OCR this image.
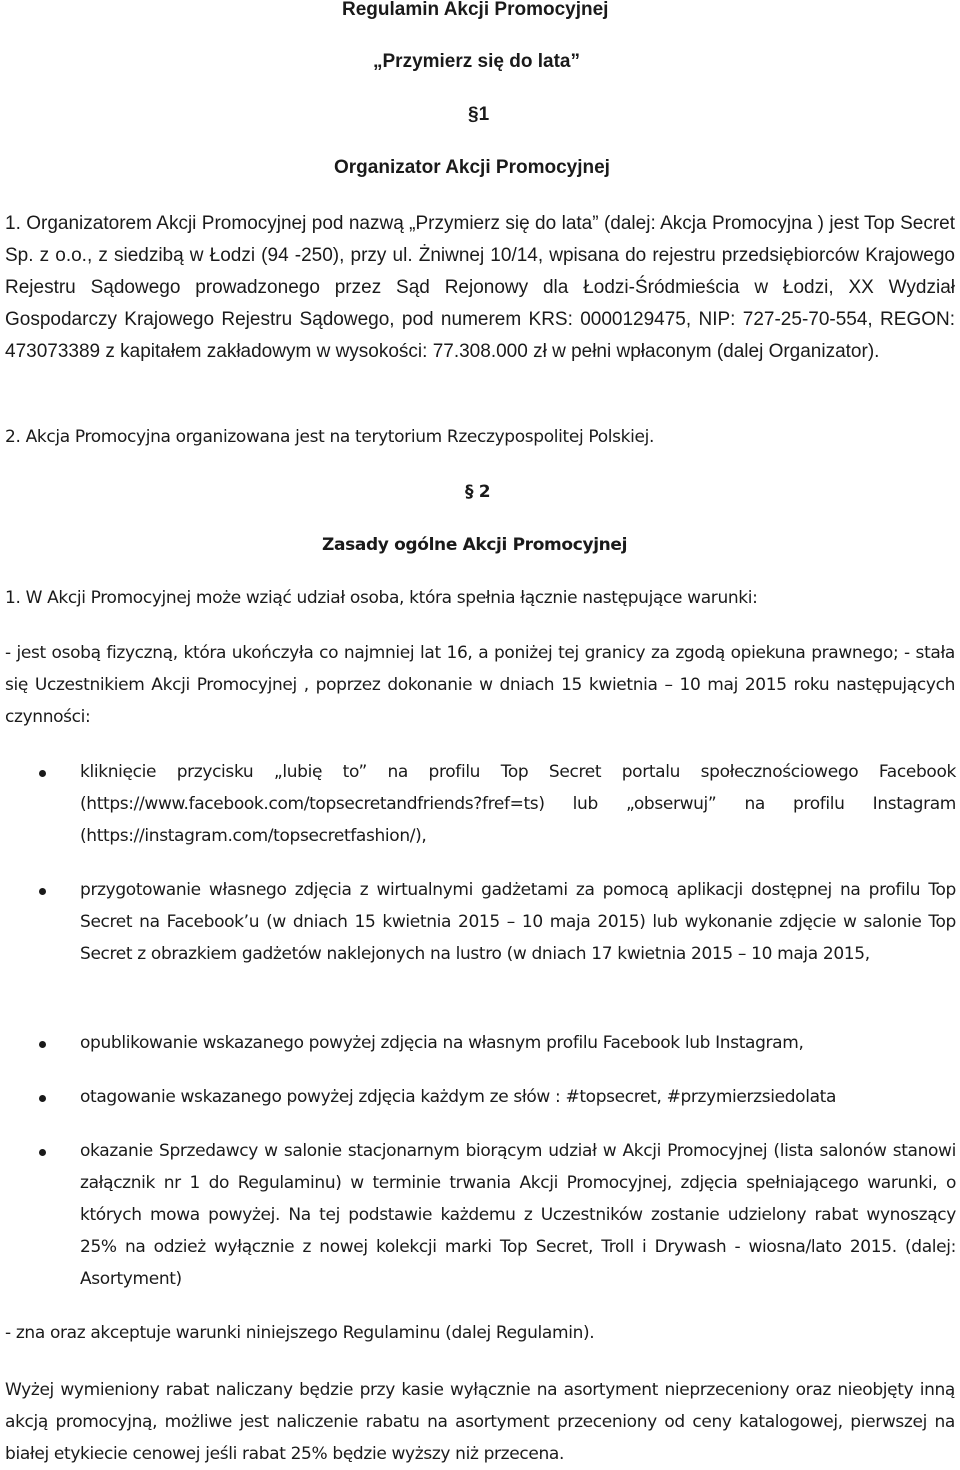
Regulamin Akcji Promocyjnej
„Przymierz się do lata”
§1
Organizator Akcji Promocyjnej
1. Organizatorem Akcji Promocyjnej pod nazwą „Przymierz się do lata” (dalej: Akcja Promocyjna ) jest Top Secret Sp. z o.o., z siedzibą w Łodzi (94 -250), przy ul. Żniwnej 10/14, wpisana do rejestru przedsiębiorców Krajowego Rejestru Sądowego prowadzonego przez Sąd Rejonowy dla Łodzi-Śródmieścia w Łodzi, XX Wydział Gospodarczy Krajowego Rejestru Sądowego, pod numerem KRS: 0000129475, NIP: 727-25-70-554, REGON: 473073389 z kapitałem zakładowym w wysokości: 77.308.000 zł w pełni wpłaconym (dalej Organizator).
2. Akcja Promocyjna organizowana jest na terytorium Rzeczypospolitej Polskiej.
§ 2
Zasady ogólne Akcji Promocyjnej
1. W Akcji Promocyjnej może wziąć udział osoba, która spełnia łącznie następujące warunki:
- jest osobą fizyczną, która ukończyła co najmniej lat 16, a poniżej tej granicy za zgodą opiekuna prawnego; - stała się Uczestnikiem Akcji Promocyjnej , poprzez dokonanie w dniach 15 kwietnia – 10 maj 2015 roku następujących czynności:
kliknięcie przycisku „lubię to” na profilu Top Secret portalu społecznościowego Facebook (https://www.facebook.com/topsecretandfriends?fref=ts) lub „obserwuj” na profilu Instagram (https://instagram.com/topsecretfashion/),
przygotowanie własnego zdjęcia z wirtualnymi gadżetami za pomocą aplikacji dostępnej na profilu Top Secret na Facebook’u (w dniach 15 kwietnia 2015 – 10 maja 2015) lub wykonanie zdjęcie w salonie Top Secret z obrazkiem gadżetów naklejonych na lustro (w dniach 17 kwietnia 2015 – 10 maja 2015,
opublikowanie wskazanego powyżej zdjęcia na własnym profilu Facebook lub Instagram,
otagowanie wskazanego powyżej zdjęcia każdym ze słów : #topsecret, #przymierzsiedolata
okazanie Sprzedawcy w salonie stacjonarnym biorącym udział w Akcji Promocyjnej (lista salonów stanowi załącznik nr 1 do Regulaminu) w terminie trwania Akcji Promocyjnej, zdjęcia spełniającego warunki, o których mowa powyżej. Na tej podstawie każdemu z Uczestników zostanie udzielony rabat wynoszący 25% na odzież wyłącznie z nowej kolekcji marki Top Secret, Troll i Drywash - wiosna/lato 2015. (dalej: Asortyment)
- zna oraz akceptuje warunki niniejszego Regulaminu (dalej Regulamin).
Wyżej wymieniony rabat naliczany będzie przy kasie wyłącznie na asortyment nieprzeceniony oraz nieobjęty inną akcją promocyjną, możliwe jest naliczenie rabatu na asortyment przeceniony od ceny katalogowej, pierwszej na białej etykiecie cenowej jeśli rabat 25% będzie wyższy niż przecena.
